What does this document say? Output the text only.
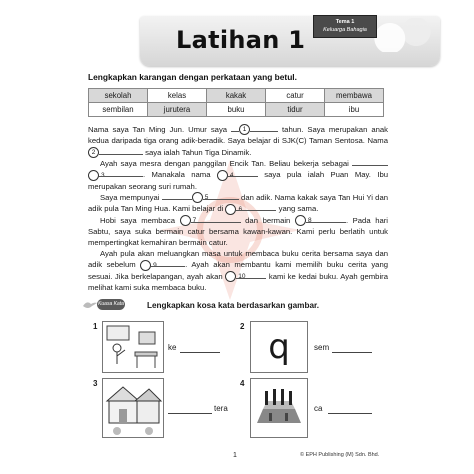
Latihan 1
Tema 1
Keluarga Bahagia
Lengkapkan karangan dengan perkataan yang betul.
sekolah	kelas	kakak	catur	membawa
sembilan	jurutera	buku	tidur	ibu

Nama saya Tan Ming Jun. Umur saya 1	tahun. Saya merupakan anak kedua daripada tiga orang adik-beradik. Saya belajar di SJK(C) Taman Sentosa. Nama 2	saya ialah Tahun Tiga Dinamik.

Ayah saya mesra dengan panggilan Encik Tan. Beliau bekerja sebagai 3	. Manakala nama	4	saya pula ialah Puan May. Ibu merupakan seorang suri rumah.

Saya mempunyai	5	dan adik. Nama kakak saya Tan Hui Yi dan adik pula Tan Ming Hua. Kami belajar di 6	yang sama.

Hobi saya membaca	7	dan bermain	8	. Pada hari Sabtu, saya suka bermain catur bersama kawan-kawan. Kami perlu berlatih untuk mempertingkat kemahiran bermain catur.

Ayah pula akan meluangkan masa untuk membaca buku cerita bersama saya dan adik sebelum	9	. Ayah akan membantu kami memilih buku cerita yang sesuai. Jika berkelapangan, ayah akan 10	kami ke kedai buku. Ayah gembira melihat kami suka membaca buku.

Kuasa Kata	Lengkapkan kosa kata berdasarkan gambar.
1
ke
2
q	sem
3
tera
4
ca
1	© EPH Publishing (M) Sdn. Bhd.
